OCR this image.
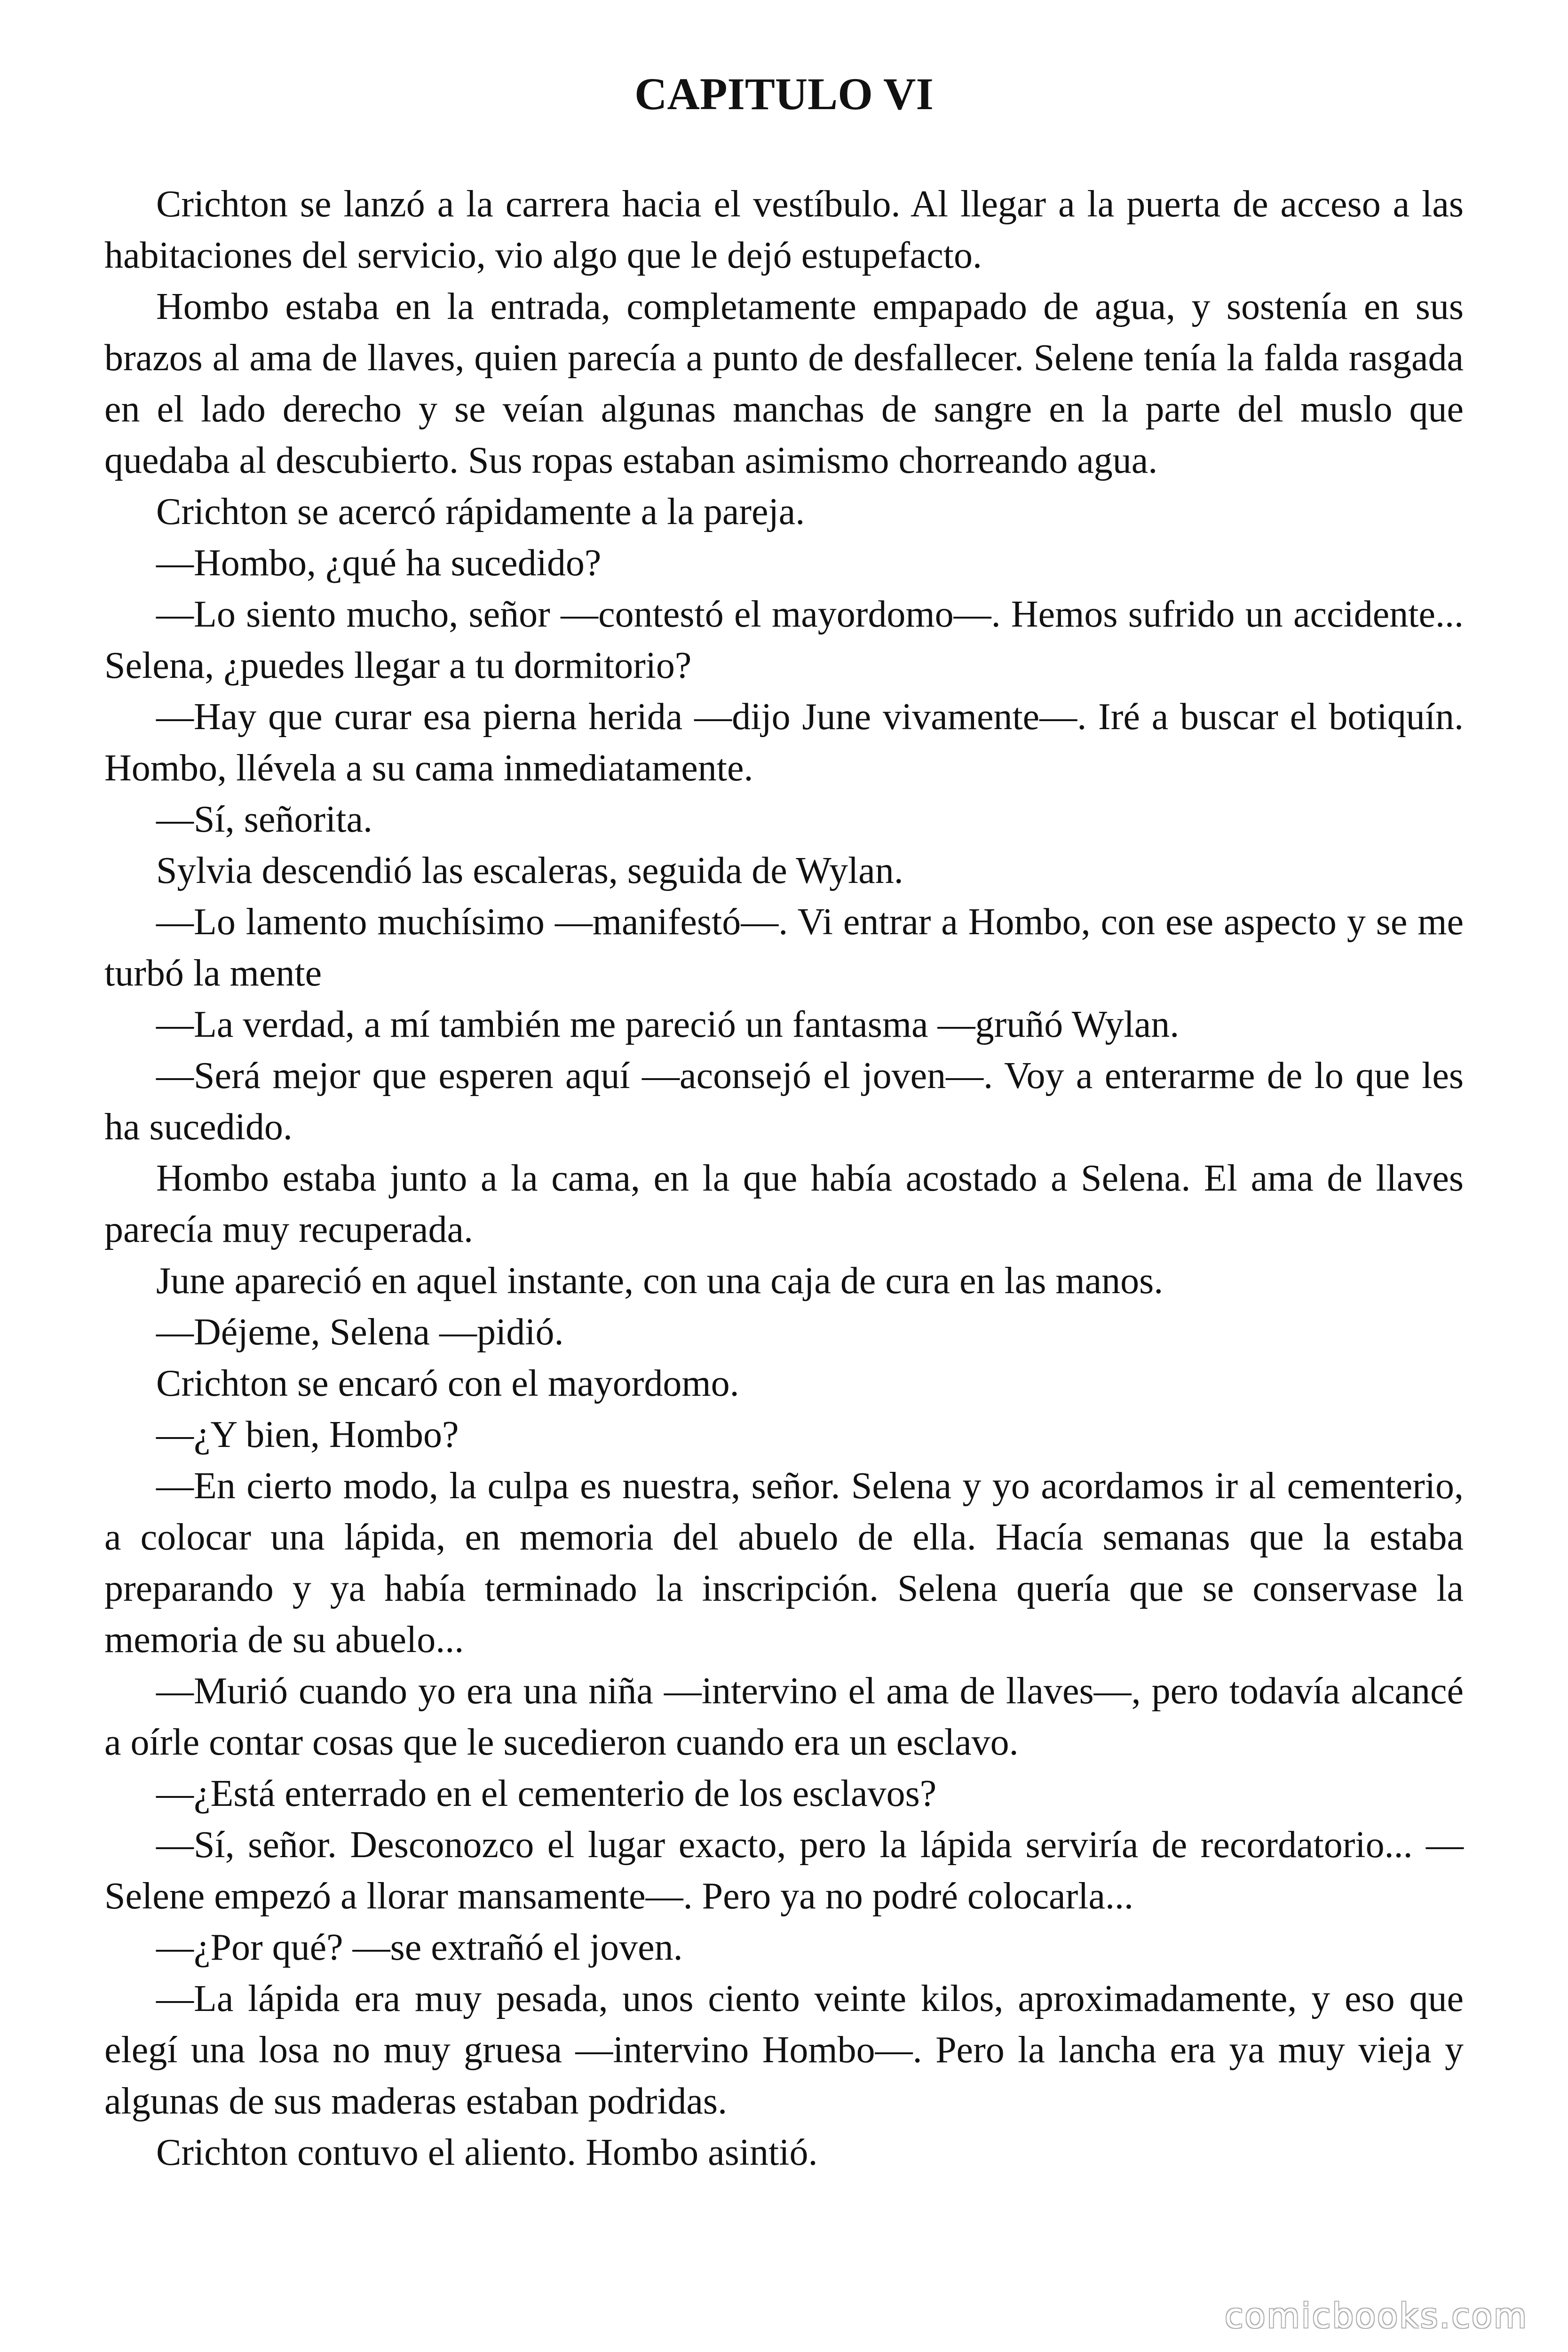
CAPITULO VI

Crichton se lanzó a la carrera hacia el vestíbulo. Al llegar a la puerta de acceso a las habitaciones del servicio, vio algo que le dejó estupefacto.

Hombo estaba en la entrada, completamente empapado de agua, y sostenía en sus brazos al ama de llaves, quien parecía a punto de desfallecer. Selene tenía la falda rasgada en el lado derecho y se veían algunas manchas de sangre en la parte del muslo que quedaba al descubierto. Sus ropas estaban asimismo chorreando agua.

Crichton se acercó rápidamente a la pareja.

—Hombo, ¿qué ha sucedido?

—Lo siento mucho, señor —contestó el mayordomo—. Hemos sufrido un accidente... Selena, ¿puedes llegar a tu dormitorio?

—Hay que curar esa pierna herida —dijo June vivamente—. Iré a buscar el botiquín. Hombo, llévela a su cama inmediatamente.

—Sí, señorita.

Sylvia descendió las escaleras, seguida de Wylan.

—Lo lamento muchísimo —manifestó—. Vi entrar a Hombo, con ese aspecto y se me turbó la mente

—La verdad, a mí también me pareció un fantasma —gruñó Wylan.

—Será mejor que esperen aquí —aconsejó el joven—. Voy a enterarme de lo que les ha sucedido.

Hombo estaba junto a la cama, en la que había acostado a Selena. El ama de llaves parecía muy recuperada.

June apareció en aquel instante, con una caja de cura en las manos.

—Déjeme, Selena —pidió.

Crichton se encaró con el mayordomo.

—¿Y bien, Hombo?

—En cierto modo, la culpa es nuestra, señor. Selena y yo acordamos ir al cementerio, a colocar una lápida, en memoria del abuelo de ella. Hacía semanas que la estaba preparando y ya había terminado la inscripción. Selena quería que se conservase la memoria de su abuelo...

—Murió cuando yo era una niña —intervino el ama de llaves—, pero todavía alcancé a oírle contar cosas que le sucedieron cuando era un esclavo.

—¿Está enterrado en el cementerio de los esclavos?

—Sí, señor. Desconozco el lugar exacto, pero la lápida serviría de recordatorio... —Selene empezó a llorar mansamente—. Pero ya no podré colocarla...

—¿Por qué? —se extrañó el joven.

—La lápida era muy pesada, unos ciento veinte kilos, aproximadamente, y eso que elegí una losa no muy gruesa —intervino Hombo—. Pero la lancha era ya muy vieja y algunas de sus maderas estaban podridas.

Crichton contuvo el aliento. Hombo asintió.

comicbooks.com
